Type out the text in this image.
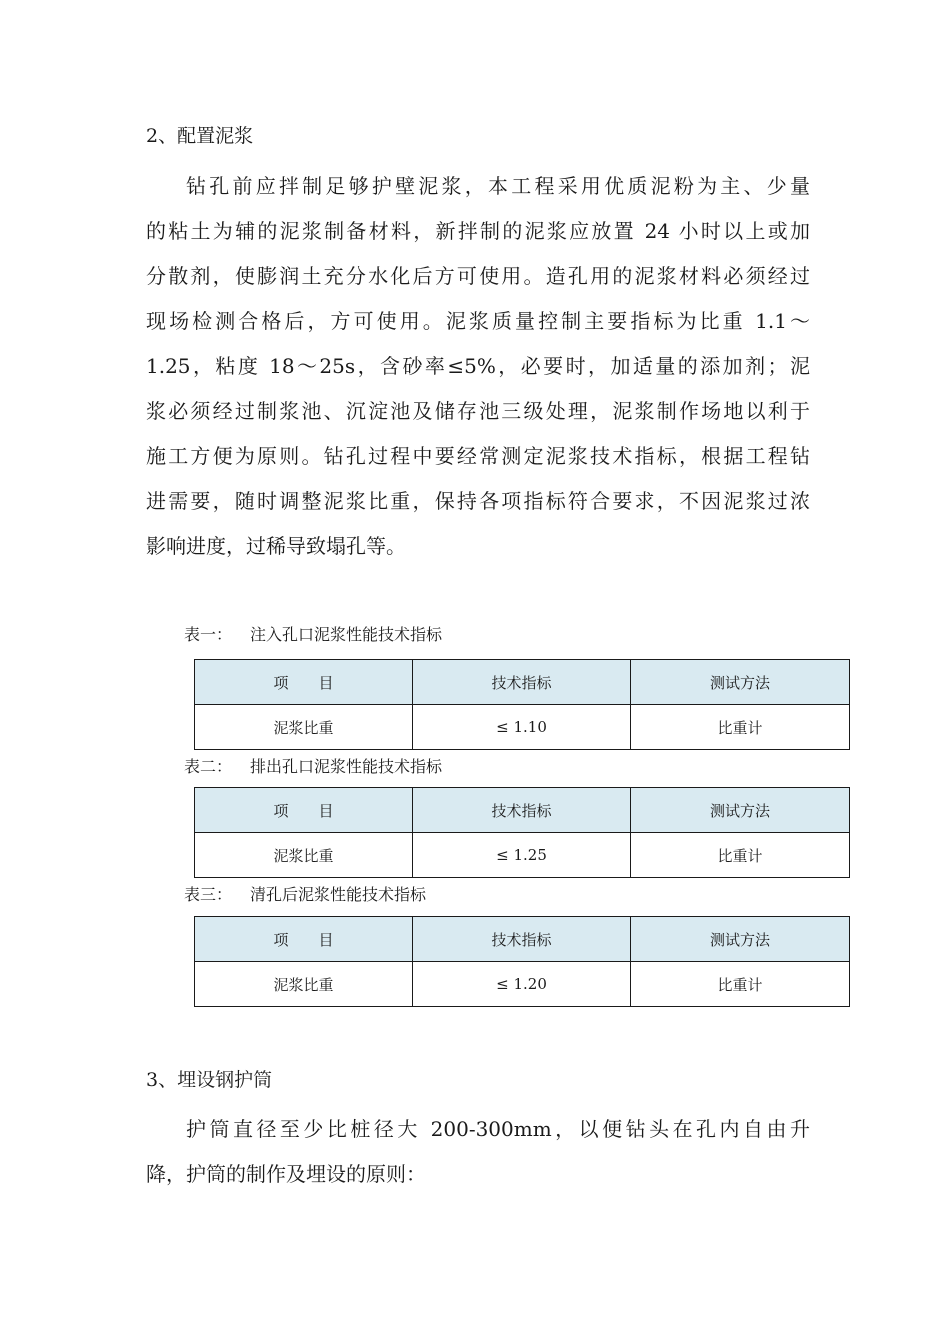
2、配置泥浆
钻孔前应拌制足够护壁泥浆，本工程采用优质泥粉为主、少量
的粘土为辅的泥浆制备材料，新拌制的泥浆应放置 24 小时以上或加
分散剂，使膨润土充分水化后方可使用。造孔用的泥浆材料必须经过
现场检测合格后，方可使用。泥浆质量控制主要指标为比重 1.1～
1.25，粘度 18～25s，含砂率≤5%，必要时，加适量的添加剂；泥
浆必须经过制浆池、沉淀池及储存池三级处理，泥浆制作场地以利于
施工方便为原则。钻孔过程中要经常测定泥浆技术指标，根据工程钻
进需要，随时调整泥浆比重，保持各项指标符合要求，不因泥浆过浓
影响进度，过稀导致塌孔等。
表一： 注入孔口泥浆性能技术指标
项　　目	技术指标	测试方法
泥浆比重	≤ 1.10	比重计
表二： 排出孔口泥浆性能技术指标
项　　目	技术指标	测试方法
泥浆比重	≤ 1.25	比重计
表三： 清孔后泥浆性能技术指标
项　　目	技术指标	测试方法
泥浆比重	≤ 1.20	比重计
3、埋设钢护筒
护筒直径至少比桩径大 200-300mm，以便钻头在孔内自由升
降，护筒的制作及埋设的原则：
